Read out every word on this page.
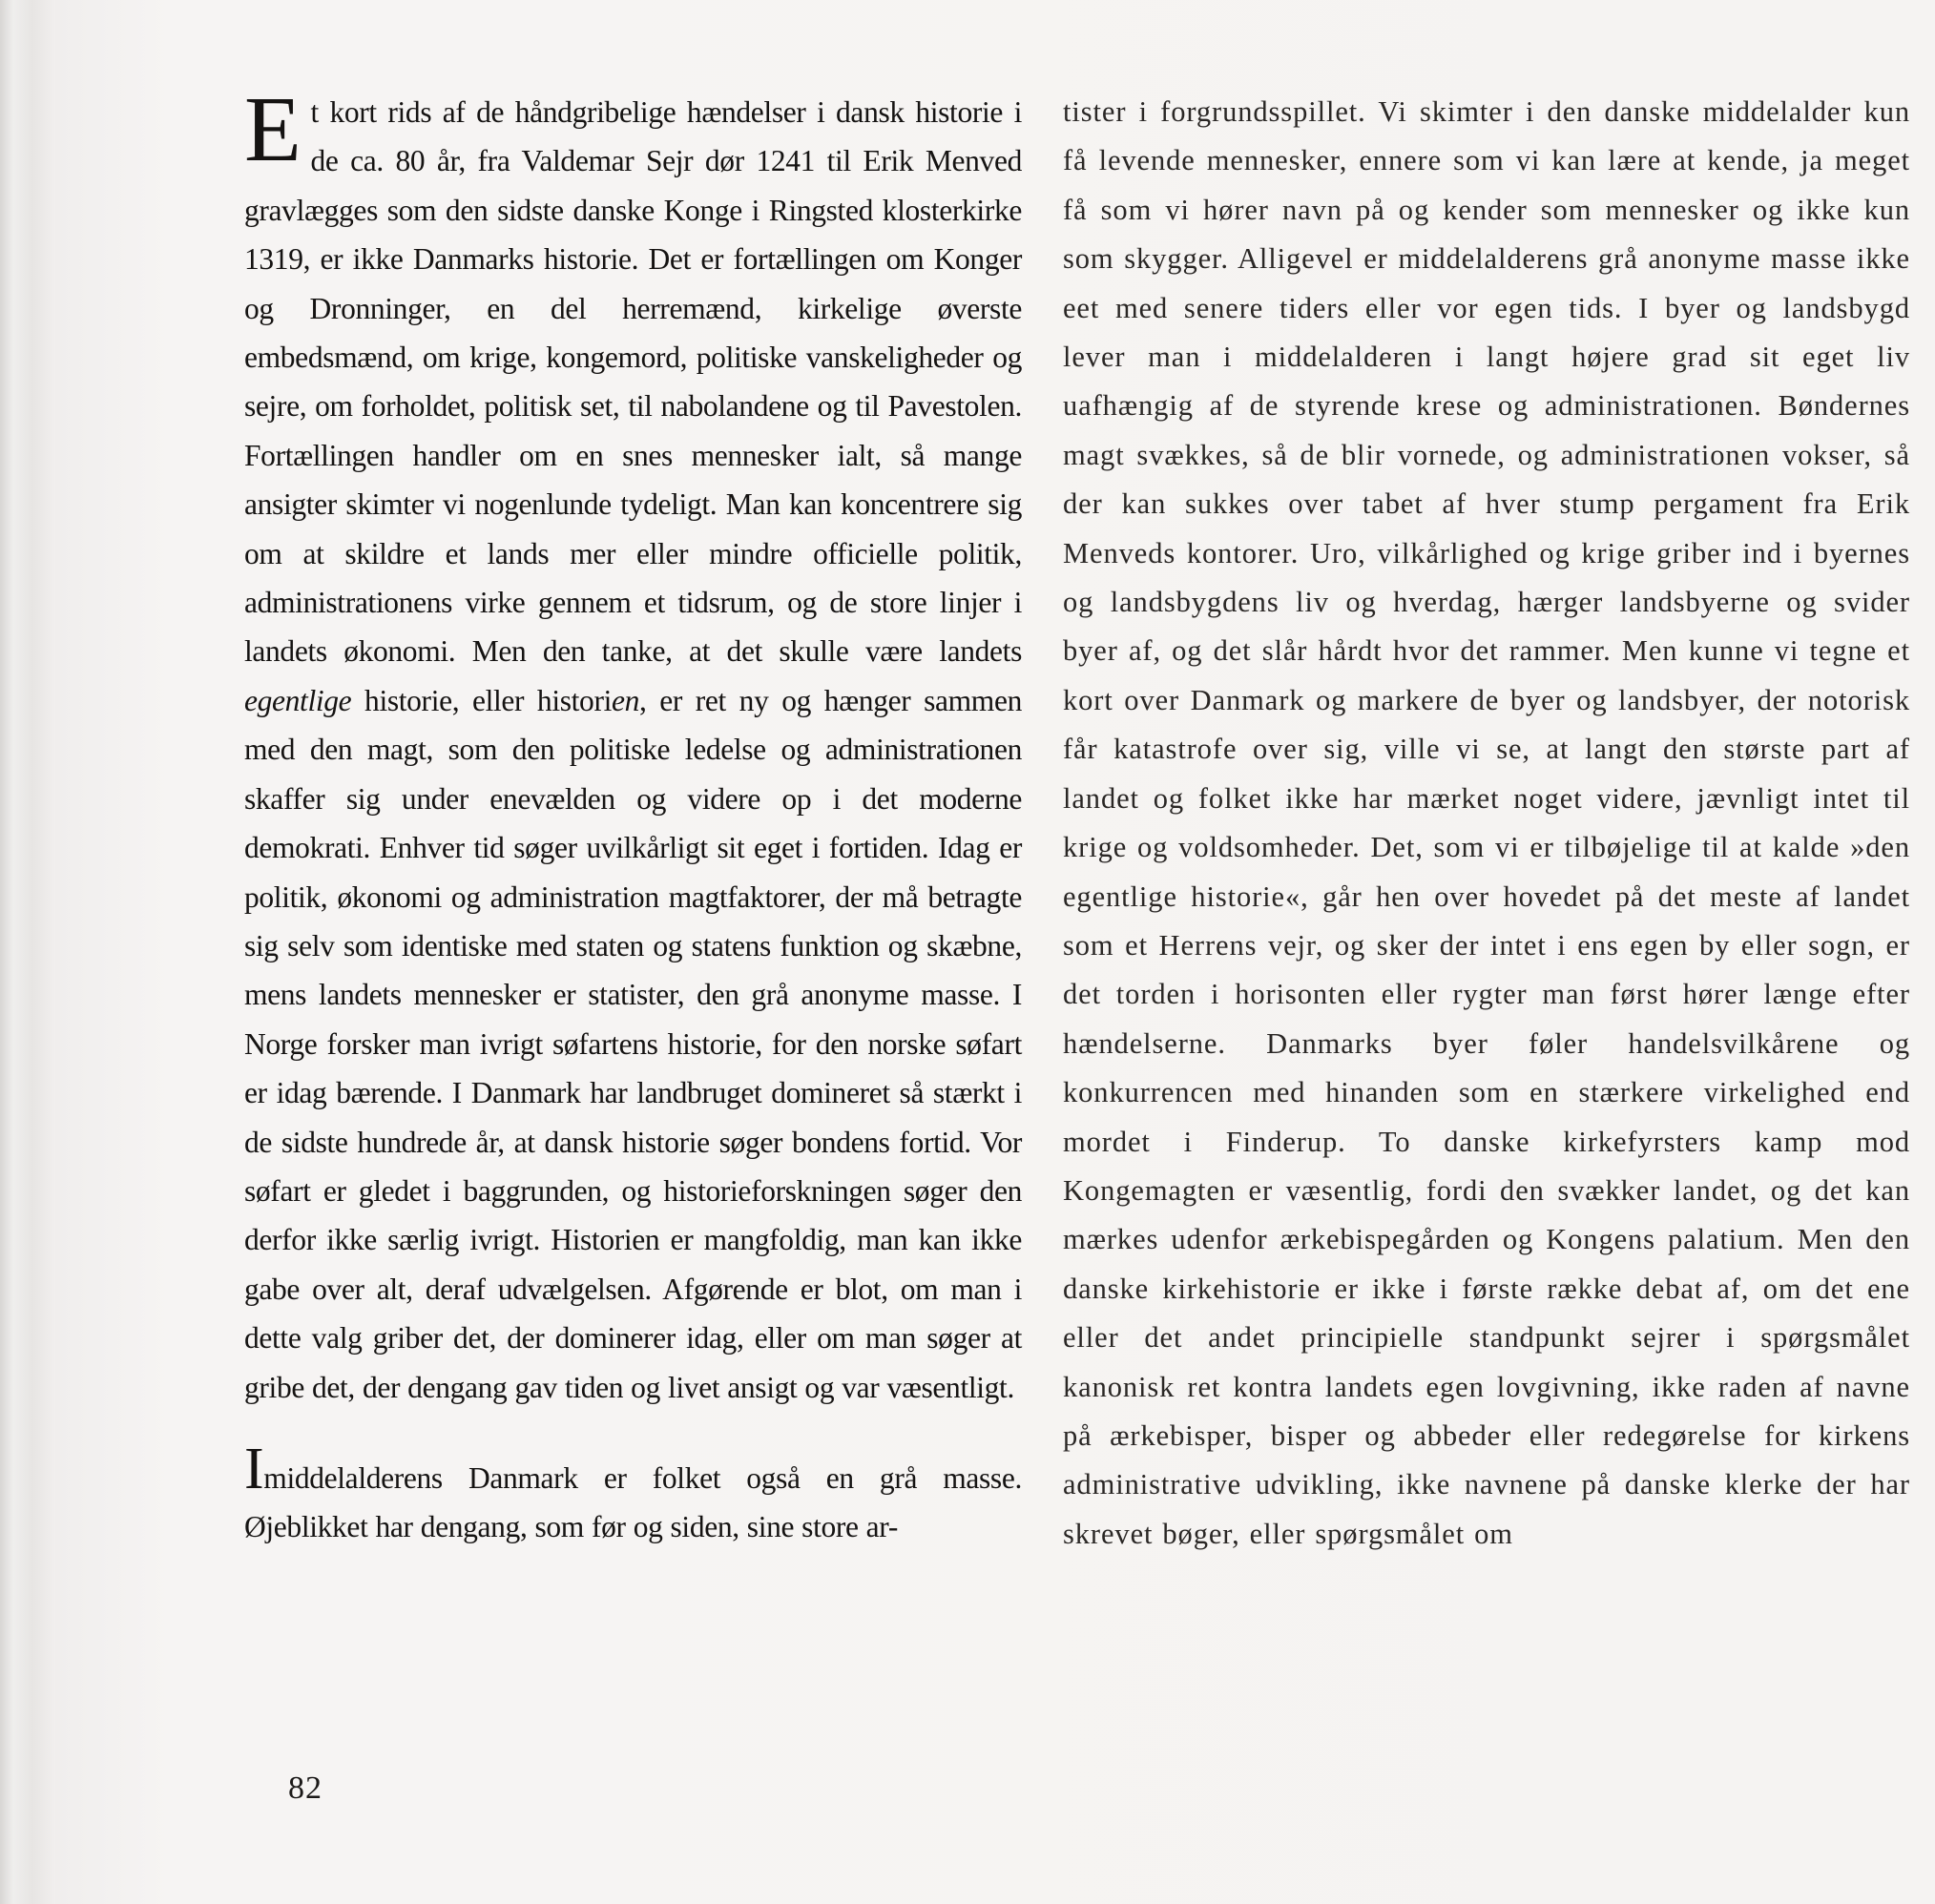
Et kort rids af de håndgribelige hændelser i dansk historie i de ca. 80 år, fra Valdemar Sejr dør 1241 til Erik Menved gravlægges som den sidste danske Konge i Ringsted klosterkirke 1319, er ikke Danmarks historie. Det er fortællingen om Konger og Dronninger, en del herremænd, kirkelige øverste embedsmænd, om krige, kongemord, politiske vanskeligheder og sejre, om forholdet, politisk set, til nabolandene og til Pavestolen. Fortællingen handler om en snes mennesker ialt, så mange ansigter skimter vi nogenlunde tydeligt. Man kan koncentrere sig om at skildre et lands mer eller mindre officielle politik, administrationens virke gennem et tidsrum, og de store linjer i landets økonomi. Men den tanke, at det skulle være landets egentlige historie, eller historien, er ret ny og hænger sammen med den magt, som den politiske ledelse og administrationen skaffer sig under enevælden og videre op i det moderne demokrati. Enhver tid søger uvilkårligt sit eget i fortiden. Idag er politik, økonomi og administration magtfaktorer, der må betragte sig selv som identiske med staten og statens funktion og skæbne, mens landets mennesker er statister, den grå anonyme masse. I Norge forsker man ivrigt søfartens historie, for den norske søfart er idag bærende. I Danmark har landbruget domineret så stærkt i de sidste hundrede år, at dansk historie søger bondens fortid. Vor søfart er gledet i baggrunden, og historieforskningen søger den derfor ikke særlig ivrigt. Historien er mangfoldig, man kan ikke gabe over alt, deraf udvælgelsen. Afgørende er blot, om man i dette valg griber det, der dominerer idag, eller om man søger at gribe det, der dengang gav tiden og livet ansigt og var væsentligt.

Imiddelalderens Danmark er folket også en grå masse. Øjeblikket har dengang, som før og siden, sine store ar-

tister i forgrundsspillet. Vi skimter i den danske middelalder kun få levende mennesker, ennere som vi kan lære at kende, ja meget få som vi hører navn på og kender som mennesker og ikke kun som skygger. Alligevel er middelalderens grå anonyme masse ikke eet med senere tiders eller vor egen tids. I byer og landsbygd lever man i middelalderen i langt højere grad sit eget liv uafhængig af de styrende krese og administrationen. Bøndernes magt svækkes, så de blir vornede, og administrationen vokser, så der kan sukkes over tabet af hver stump pergament fra Erik Menveds kontorer. Uro, vilkårlighed og krige griber ind i byernes og landsbygdens liv og hverdag, hærger landsbyerne og svider byer af, og det slår hårdt hvor det rammer. Men kunne vi tegne et kort over Danmark og markere de byer og landsbyer, der notorisk får katastrofe over sig, ville vi se, at langt den største part af landet og folket ikke har mærket noget videre, jævnligt intet til krige og voldsomheder. Det, som vi er tilbøjelige til at kalde »den egentlige historie«, går hen over hovedet på det meste af landet som et Herrens vejr, og sker der intet i ens egen by eller sogn, er det torden i horisonten eller rygter man først hører længe efter hændelserne. Danmarks byer føler handelsvilkårene og konkurrencen med hinanden som en stærkere virkelighed end mordet i Finderup. To danske kirkefyrsters kamp mod Kongemagten er væsentlig, fordi den svækker landet, og det kan mærkes udenfor ærkebispegården og Kongens palatium. Men den danske kirkehistorie er ikke i første række debat af, om det ene eller det andet principielle standpunkt sejrer i spørgsmålet kanonisk ret kontra landets egen lovgivning, ikke raden af navne på ærkebisper, bisper og abbeder eller redegørelse for kirkens administrative udvikling, ikke navnene på danske klerke der har skrevet bøger, eller spørgsmålet om

82
